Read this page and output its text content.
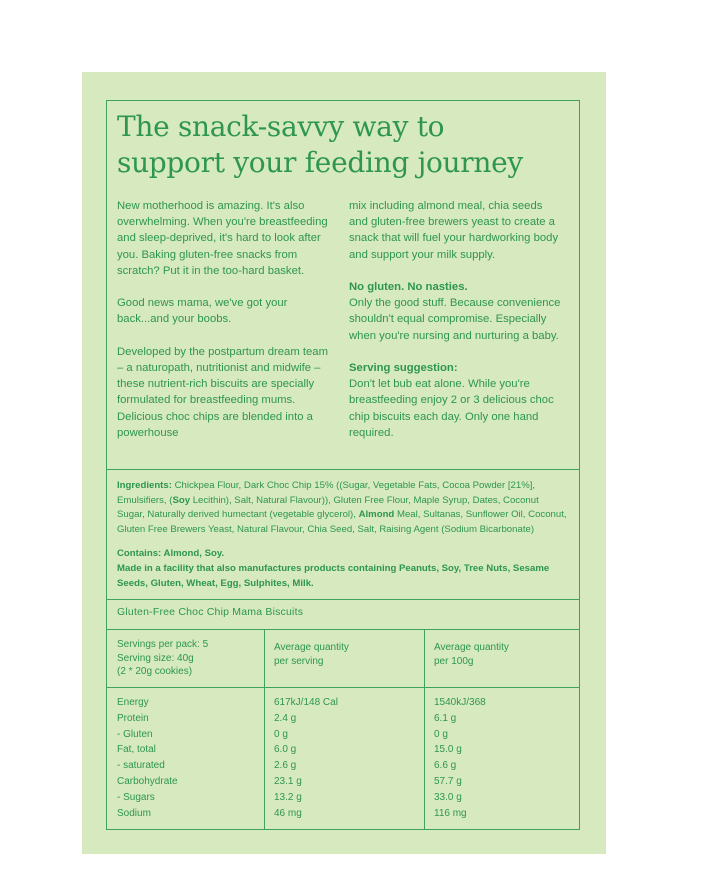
The snack-savvy way to
support your feeding journey

New motherhood is amazing. It's also overwhelming. When you're breastfeeding and sleep-deprived, it's hard to look after you. Baking gluten-free snacks from scratch? Put it in the too-hard basket.

Good news mama, we've got your back...and your boobs.

Developed by the postpartum dream team – a naturopath, nutritionist and midwife – these nutrient-rich biscuits are specially formulated for breastfeeding mums. Delicious choc chips are blended into a powerhouse

mix including almond meal, chia seeds and gluten-free brewers yeast to create a snack that will fuel your hardworking body and support your milk supply.

No gluten. No nasties.
Only the good stuff. Because convenience shouldn't equal compromise. Especially when you're nursing and nurturing a baby.

Serving suggestion:
Don't let bub eat alone. While you're breastfeeding enjoy 2 or 3 delicious choc chip biscuits each day. Only one hand required.

Ingredients: Chickpea Flour, Dark Choc Chip 15% ((Sugar, Vegetable Fats, Cocoa Powder [21%], Emulsifiers, (Soy Lecithin), Salt, Natural Flavour)), Gluten Free Flour, Maple Syrup, Dates, Coconut Sugar, Naturally derived humectant (vegetable glycerol), Almond Meal, Sultanas, Sunflower Oil, Coconut, Gluten Free Brewers Yeast, Natural Flavour, Chia Seed, Salt, Raising Agent (Sodium Bicarbonate)

Contains: Almond, Soy.
Made in a facility that also manufactures products containing Peanuts, Soy, Tree Nuts, Sesame Seeds, Gluten, Wheat, Egg, Sulphites, Milk.
Gluten-Free Choc Chip Mama Biscuits
Servings per pack: 5
Serving size: 40g
(2 * 20g cookies)
Average quantity
per serving
Average quantity
per 100g
Energy
Protein
- Gluten
Fat, total
- saturated
Carbohydrate
- Sugars
Sodium
617kJ/148 Cal
2.4 g
0 g
6.0 g
2.6 g
23.1 g
13.2 g
46 mg
1540kJ/368
6.1 g
0 g
15.0 g
6.6 g
57.7 g
33.0 g
116 mg
